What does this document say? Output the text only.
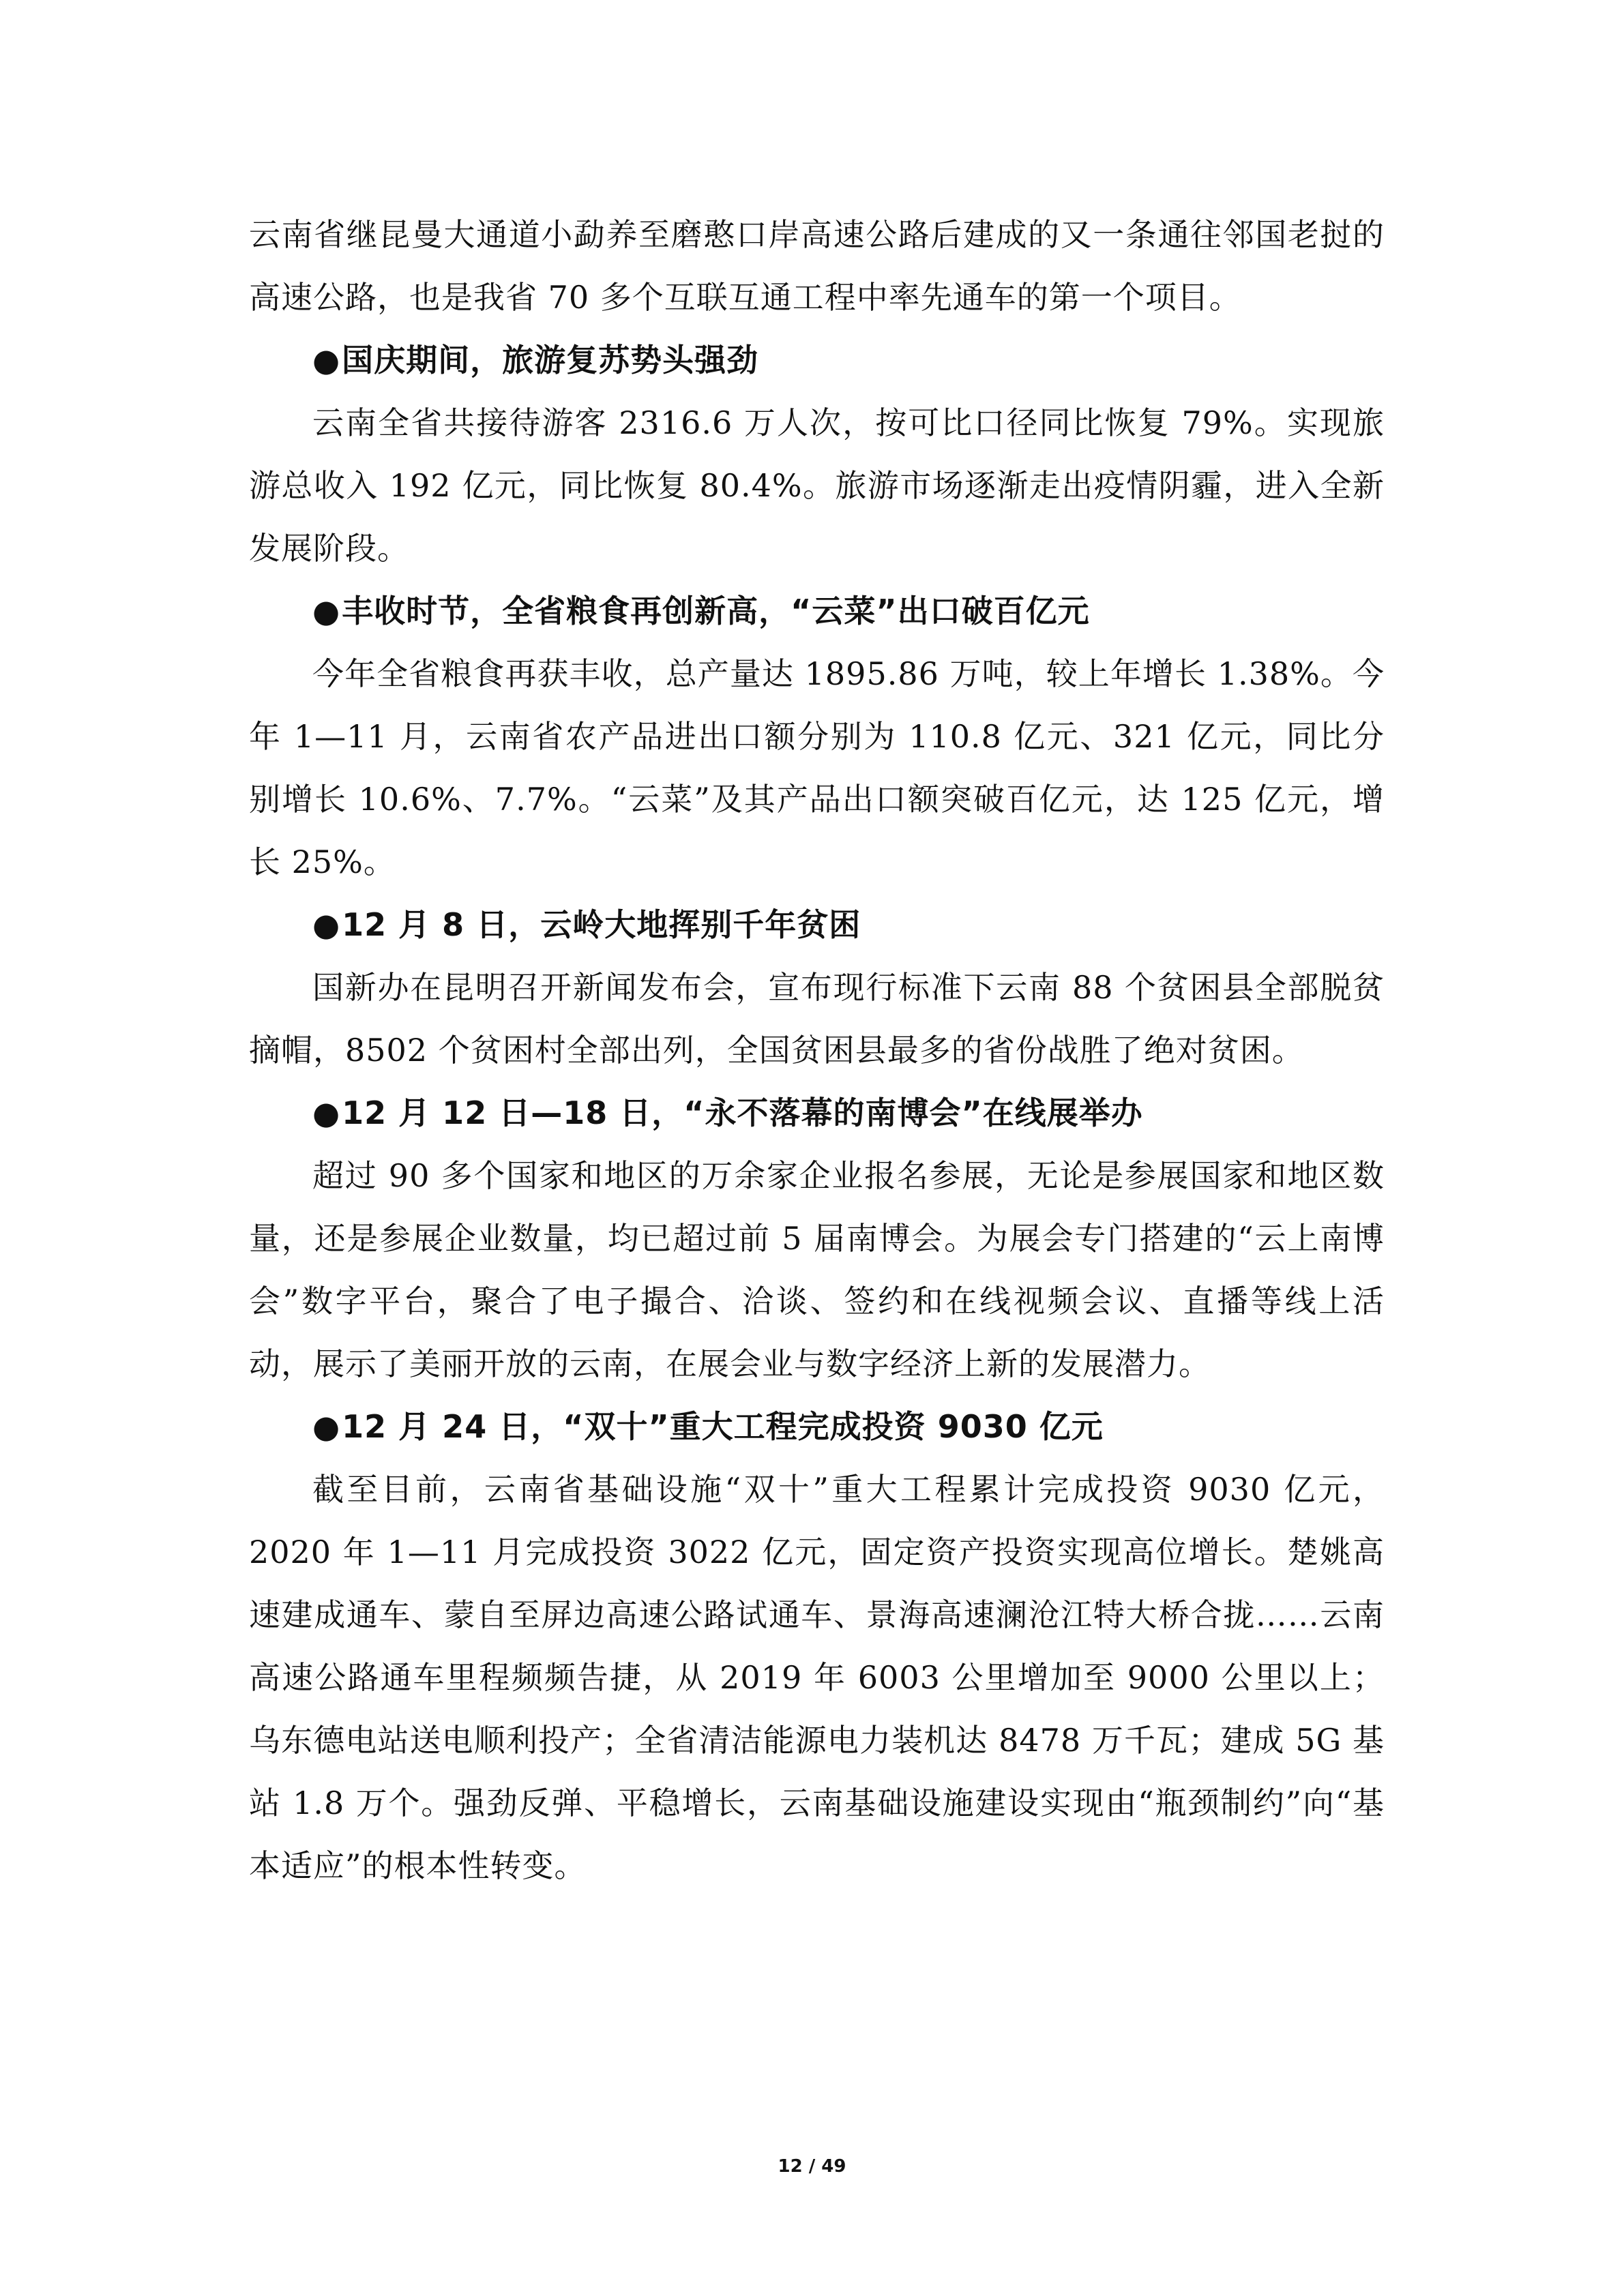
云南省继昆曼大通道小勐养至磨憨口岸高速公路后建成的又一条通往邻国老挝的高速公路，也是我省 70 多个互联互通工程中率先通车的第一个项目。

●国庆期间，旅游复苏势头强劲

云南全省共接待游客 2316.6 万人次，按可比口径同比恢复 79%。实现旅游总收入 192 亿元，同比恢复 80.4%。旅游市场逐渐走出疫情阴霾，进入全新发展阶段。

●丰收时节，全省粮食再创新高，“云菜”出口破百亿元

今年全省粮食再获丰收，总产量达 1895.86 万吨，较上年增长 1.38%。今年 1—11 月，云南省农产品进出口额分别为 110.8 亿元、321 亿元，同比分别增长 10.6%、7.7%。“云菜”及其产品出口额突破百亿元，达 125 亿元，增长 25%。

●12 月 8 日，云岭大地挥别千年贫困

国新办在昆明召开新闻发布会，宣布现行标准下云南 88 个贫困县全部脱贫摘帽，8502 个贫困村全部出列，全国贫困县最多的省份战胜了绝对贫困。

●12 月 12 日—18 日，“永不落幕的南博会”在线展举办

超过 90 多个国家和地区的万余家企业报名参展，无论是参展国家和地区数量，还是参展企业数量，均已超过前 5 届南博会。为展会专门搭建的“云上南博会”数字平台，聚合了电子撮合、洽谈、签约和在线视频会议、直播等线上活动，展示了美丽开放的云南，在展会业与数字经济上新的发展潜力。

●12 月 24 日，“双十”重大工程完成投资 9030 亿元

截至目前，云南省基础设施“双十”重大工程累计完成投资 9030 亿元，2020 年 1—11 月完成投资 3022 亿元，固定资产投资实现高位增长。楚姚高速建成通车、蒙自至屏边高速公路试通车、景海高速澜沧江特大桥合拢……云南高速公路通车里程频频告捷，从 2019 年 6003 公里增加至 9000 公里以上；乌东德电站送电顺利投产；全省清洁能源电力装机达 8478 万千瓦；建成 5G 基站 1.8 万个。强劲反弹、平稳增长，云南基础设施建设实现由“瓶颈制约”向“基本适应”的根本性转变。

12 / 49
